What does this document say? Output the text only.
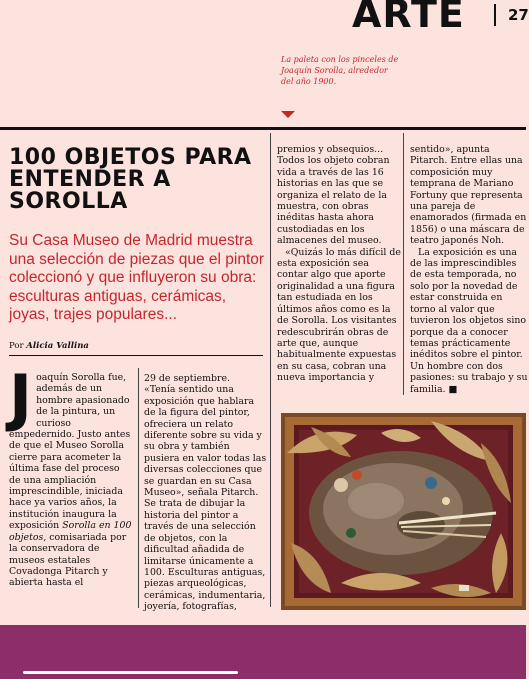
ARTE	27
La paleta con los pinceles de Joaquín Sorolla, alrededor del año 1900.
100 OBJETOS PARA ENTENDER A SOROLLA
Su Casa Museo de Madrid muestra una selección de piezas que el pintor coleccionó y que influyeron su obra: esculturas antiguas, cerámicas, joyas, trajes populares...
Por Alicia Vallina

Joaquín Sorolla fue, además de un hombre apasionado de la pintura, un curioso empedernido. Justo antes de que el Museo Sorolla cierre para acometer la última fase del proceso de una ampliación imprescindible, iniciada hace ya varios años, la institución inaugura la exposición Sorolla en 100 objetos, comisariada por la conservadora de museos estatales Covadonga Pitarch y abierta hasta el

29 de septiembre.

«Tenía sentido una exposición que hablara de la figura del pintor, ofreciera un relato diferente sobre su vida y su obra y también pusiera en valor todas las diversas colecciones que se guardan en su Casa Museo», señala Pitarch. Se trata de dibujar la historia del pintor a través de una selección de objetos, con la dificultad añadida de limitarse únicamente a 100. Esculturas antiguas, piezas arqueológicas, cerámicas, indumentaria, joyería, fotografías,

premios y obsequios... Todos los objeto cobran vida a través de las 16 historias en las que se organiza el relato de la muestra, con obras inéditas hasta ahora custodiadas en los almacenes del museo.

«Quizás lo más difícil de esta exposición sea contar algo que aporte originalidad a una figura tan estudiada en los últimos años como es la de Sorolla. Los visitantes redescubrirán obras de arte que, aunque habitualmente expuestas en su casa, cobran una nueva importancia y

sentido», apunta Pitarch. Entre ellas una composición muy temprana de Mariano Fortuny que representa una pareja de enamorados (firmada en 1856) o una máscara de teatro japonés Noh.

La exposición es una de las imprescindibles de esta temporada, no solo por la novedad de estar construida en torno al valor que tuvieron los objetos sino porque da a conocer temas prácticamente inéditos sobre el pintor. Un hombre con dos pasiones: su trabajo y su familia. ■
